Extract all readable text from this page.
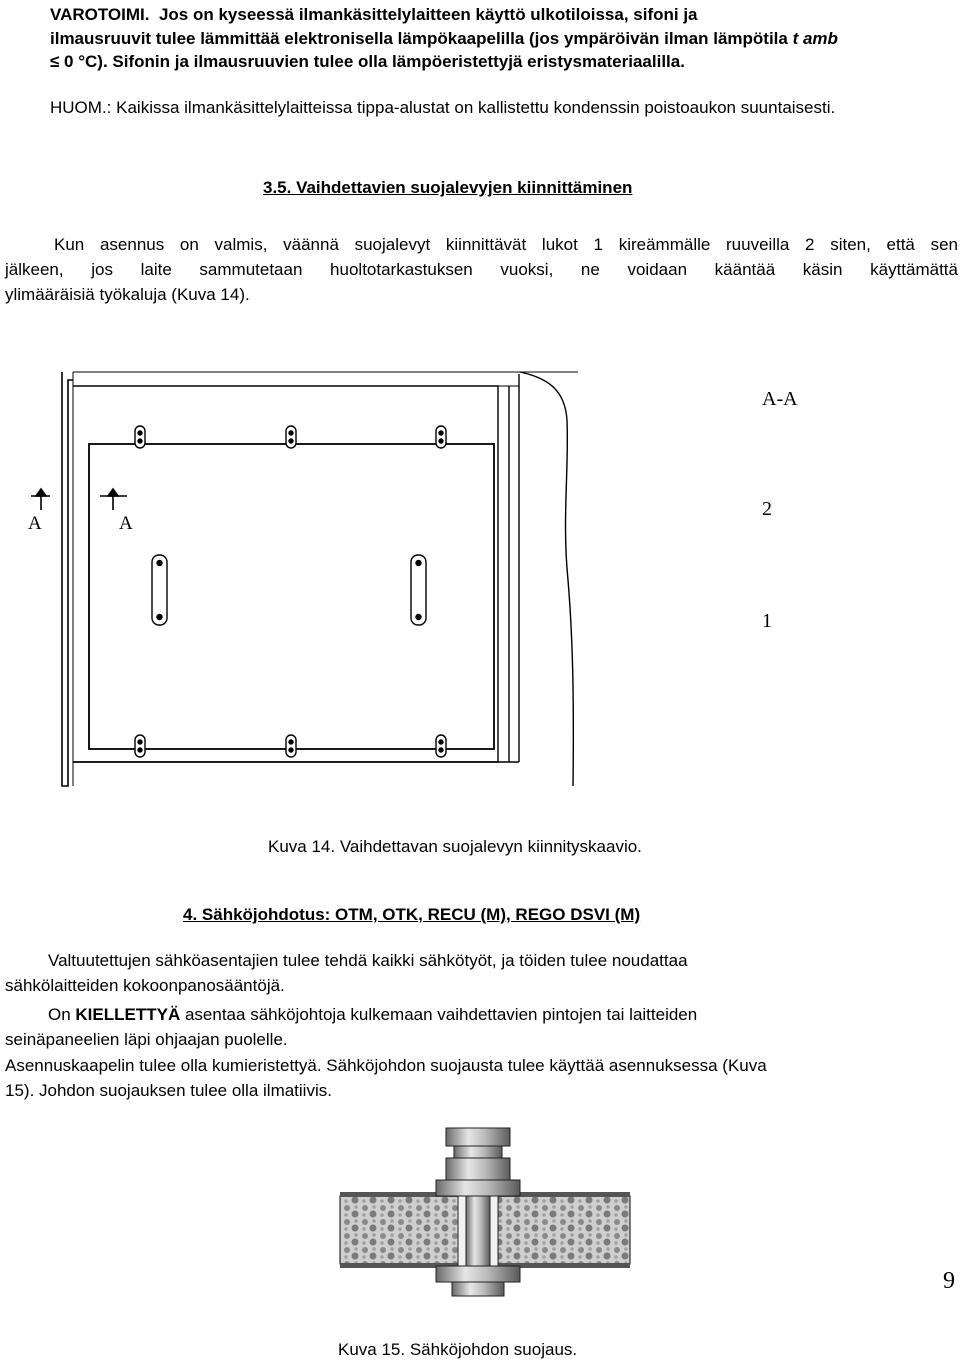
VAROTOIMI. Jos on kyseessä ilmankäsittelylaitteen käyttö ulkotiloissa, sifoni ja
ilmausruuvit tulee lämmittää elektronisella lämpökaapelilla (jos ympäröivän ilman lämpötila t amb
≤ 0 °C). Sifonin ja ilmausruuvien tulee olla lämpöeristettyjä eristysmateriaalilla.
HUOM.: Kaikissa ilmankäsittelylaitteissa tippa-alustat on kallistettu kondenssin poistoaukon suuntaisesti.
3.5. Vaihdettavien suojalevyjen kiinnittäminen
Kun asennus on valmis, väännä suojalevyt kiinnittävät lukot 1 kireämmälle ruuveilla 2 siten, että sen
jälkeen, jos laite sammutetaan huoltotarkastuksen vuoksi, ne voidaan kääntää käsin käyttämättä
ylimääräisiä työkaluja (Kuva 14).
A-A
A	A
2
1
Kuva 14. Vaihdettavan suojalevyn kiinnityskaavio.
4. Sähköjohdotus: OTM, OTK, RECU (M), REGO DSVI (M)
Valtuutettujen sähköasentajien tulee tehdä kaikki sähkötyöt, ja töiden tulee noudattaa
sähkölaitteiden kokoonpanosääntöjä.
On KIELLETTYÄ asentaa sähköjohtoja kulkemaan vaihdettavien pintojen tai laitteiden
seinäpaneelien läpi ohjaajan puolelle.
Asennuskaapelin tulee olla kumieristettyä. Sähköjohdon suojausta tulee käyttää asennuksessa (Kuva
15). Johdon suojauksen tulee olla ilmatiivis.
9
Kuva 15. Sähköjohdon suojaus.
